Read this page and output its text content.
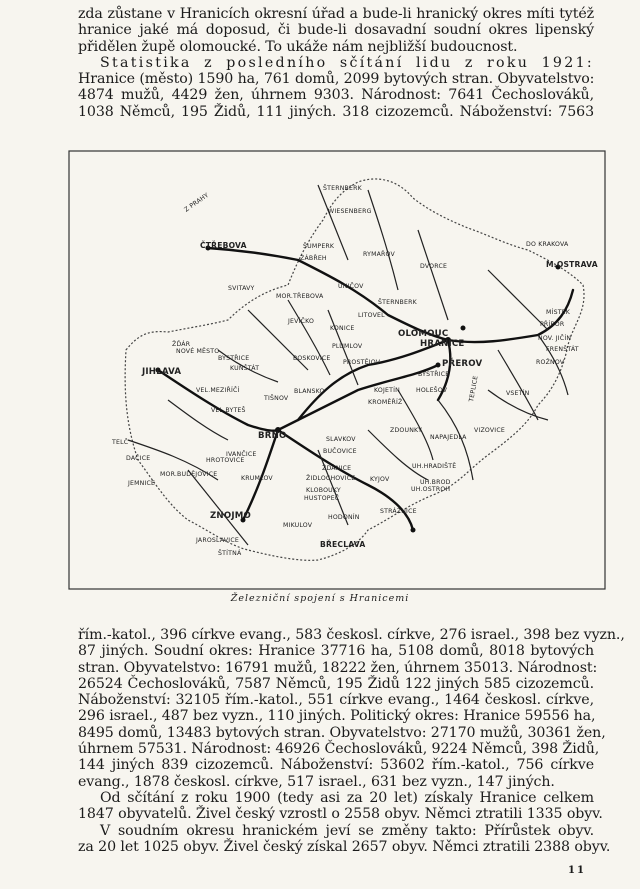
zda zůstane v Hranicích okresní úřad a bude-li hranický okres míti tytéž
hranice jaké má doposud, či bude-li dosavadní soudní okres lipenský
přidělen župě olomoucké. To ukáže nám nejbližší budoucnost.
Statistika z posledního sčítání lidu z roku 1921:
Hranice (město) 1590 ha, 761 domů, 2099 bytových stran. Obyvatelstvo:
4874 mužů, 4429 žen, úhrnem 9303. Národnost: 7641 Čechoslováků,
1038 Němců, 195 Židů, 111 jiných. 318 cizozemců. Náboženství: 7563
Z PRAHY
ČTŘEBOVA
ŠTERNBERK
WIESENBERG
ŠUMPERK
ZÁBŘEH
RYMAŘOV
DVORCE
DO KRAKOVA
M.OSTRAVA
SVITAVY
MOR.TŘEBOVA
UNIČOV
ŠTERNBERK
LITOVEL
JEVÍČKO
KONICE
OLOMOUC
HRANICE
MÍSTEK
PŘÍBOR
NOV. JIČÍN
FRENŠTÁT
ROŽNOV
VSETÍN
ŽĎÁR
NOVÉ MĚSTO
BYSTŘICE
KUNŠTÁT
BOSKOVICE
PLUMLOV
PROSTĚJOV	PŘEROV
BYSTŘICE
HOLEŠOV	TEPLICE
JIHLAVA
VEL.MEZIŘÍČÍ
VEL.BYTEŠ
TIŠNOV
BLANSKO	KOJETÍN
KROMĚŘÍŽ
ZDOUNKY	VIZOVICE
BRNO	SLAVKOV
BUČOVICE
NAPAJEDLA
TELČ
DAČICE
JEMNICE
MOR.BUDĚJOVICE
HROTOVICE
IVANČICE
KRUMLOV
ŽDÁNICE
ŽIDLOCHOVICE KYJOV
UH.HRADIŠTĚ
UH.BROD
UH.OSTROH
KLOBOUKY
HUSTOPEČ
ZNOJMO	HODONÍN
STRÁŽNICE
JAROSLAVICE
MIKULOV
BŘECLAVA
ŠTÍTNÁ
Železniční spojení s Hranicemi
řím.-katol., 396 církve evang., 583 českosl. církve, 276 israel., 398 bez vyzn.,
87 jiných. Soudní okres: Hranice 37716 ha, 5108 domů, 8018 bytových
stran. Obyvatelstvo: 16791 mužů, 18222 žen, úhrnem 35013. Národnost:
26524 Čechoslováků, 7587 Němců, 195 Židů 122 jiných 585 cizozemců.
Náboženství: 32105 řím.-katol., 551 církve evang., 1464 českosl. církve,
296 israel., 487 bez vyzn., 110 jiných. Politický okres: Hranice 59556 ha,
8495 domů, 13483 bytových stran. Obyvatelstvo: 27170 mužů, 30361 žen,
úhrnem 57531. Národnost: 46926 Čechoslováků, 9224 Němců, 398 Židů,
144 jiných 839 cizozemců. Náboženství: 53602 řím.-katol., 756 církve
evang., 1878 českosl. církve, 517 israel., 631 bez vyzn., 147 jiných.
Od sčítání z roku 1900 (tedy asi za 20 let) získaly Hranice celkem
1847 obyvatelů. Živel český vzrostl o 2558 obyv. Němci ztratili 1335 obyv.
V soudním okresu hranickém jeví se změny takto: Přírůstek obyv.
za 20 let 1025 obyv. Živel český získal 2657 obyv. Němci ztratili 2388 obyv.
11
